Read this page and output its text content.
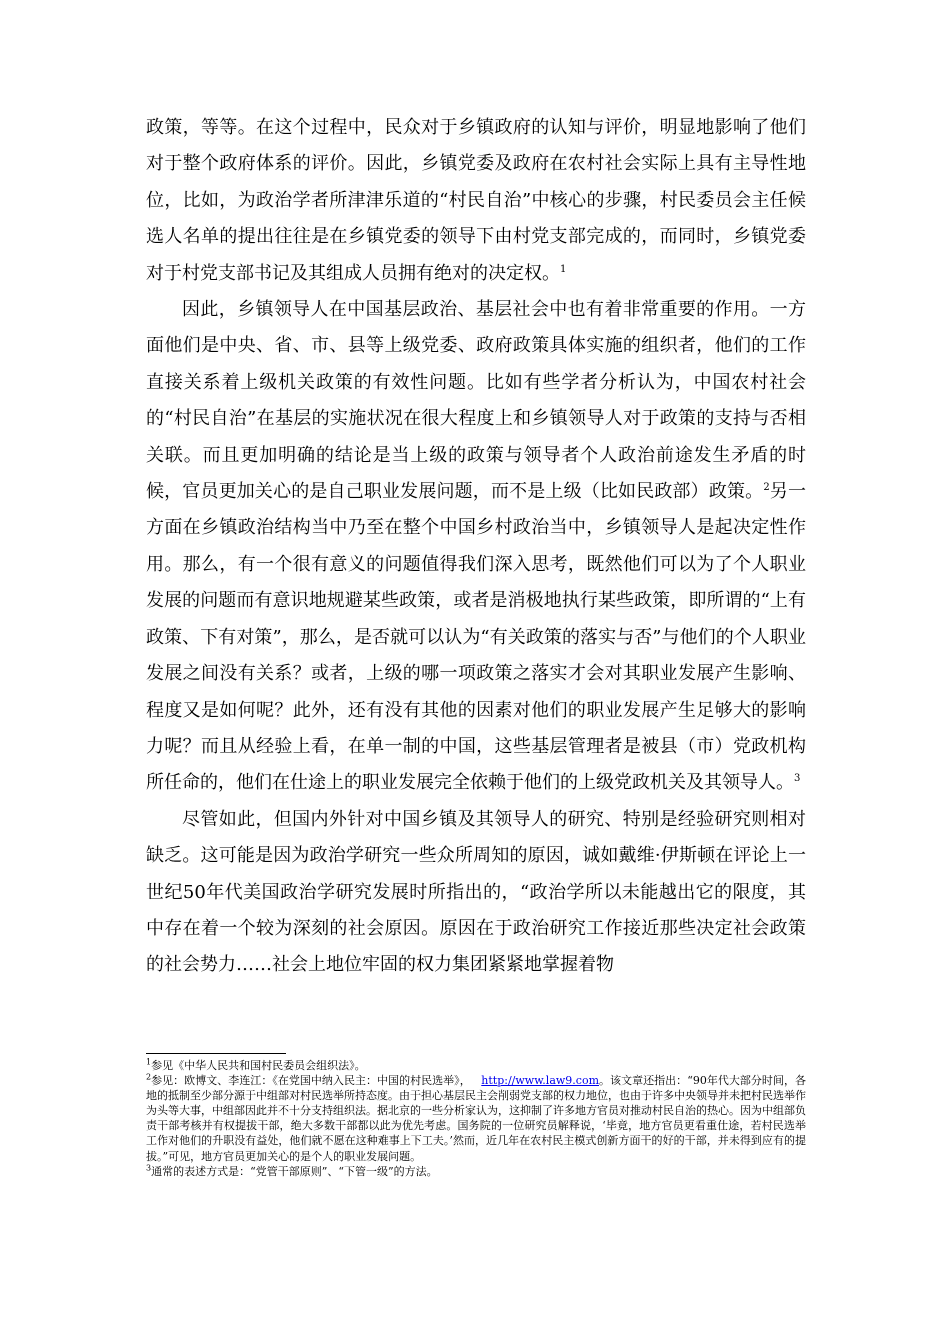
政策，等等。在这个过程中，民众对于乡镇政府的认知与评价，明显地影响了他们对于整个政府体系的评价。因此，乡镇党委及政府在农村社会实际上具有主导性地位，比如，为政治学者所津津乐道的“村民自治”中核心的步骤，村民委员会主任候选人名单的提出往往是在乡镇党委的领导下由村党支部完成的，而同时，乡镇党委对于村党支部书记及其组成人员拥有绝对的决定权。$^1$

因此，乡镇领导人在中国基层政治、基层社会中也有着非常重要的作用。一方面他们是中央、省、市、县等上级党委、政府政策具体实施的组织者，他们的工作直接关系着上级机关政策的有效性问题。比如有些学者分析认为，中国农村社会的“村民自治”在基层的实施状况在很大程度上和乡镇领导人对于政策的支持与否相关联。而且更加明确的结论是当上级的政策与领导者个人政治前途发生矛盾的时候，官员更加关心的是自己职业发展问题，而不是上级（比如民政部）政策。$^2$另一方面在乡镇政治结构当中乃至在整个中国乡村政治当中，乡镇领导人是起决定性作用。那么，有一个很有意义的问题值得我们深入思考，既然他们可以为了个人职业发展的问题而有意识地规避某些政策，或者是消极地执行某些政策，即所谓的“上有政策、下有对策”，那么，是否就可以认为“有关政策的落实与否”与他们的个人职业发展之间没有关系？或者，上级的哪一项政策之落实才会对其职业发展产生影响、程度又是如何呢？此外，还有没有其他的因素对他们的职业发展产生足够大的影响力呢？而且从经验上看，在单一制的中国，这些基层管理者是被县（市）党政机构所任命的，他们在仕途上的职业发展完全依赖于他们的上级党政机关及其领导人。$^3$

尽管如此，但国内外针对中国乡镇及其领导人的研究、特别是经验研究则相对缺乏。这可能是因为政治学研究一些众所周知的原因，诚如戴维·伊斯顿在评论上一世纪50年代美国政治学研究发展时所指出的，“政治学所以未能越出它的限度，其中存在着一个较为深刻的社会原因。原因在于政治研究工作接近那些决定社会政策的社会势力……社会上地位牢固的权力集团紧紧地掌握着物

$^1$参见《中华人民共和国村民委员会组织法》。

$^2$参见：欧博文、李连江：《在党国中纳入民主：中国的村民选举》， http://www.law9.com。该文章还指出：“90年代大部分时间，各地的抵制至少部分源于中组部对村民选举所持态度。由于担心基层民主会削弱党支部的权力地位，也由于许多中央领导并未把村民选举作为头等大事，中组部因此并不十分支持组织法。据北京的一些分析家认为，这抑制了许多地方官员对推动村民自治的热心。因为中组部负责干部考核并有权提拔干部，绝大多数干部都以此为优先考虑。国务院的一位研究员解释说，‘毕竟，地方官员更看重仕途，若村民选举工作对他们的升职没有益处，他们就不愿在这种难事上下工夫。’然而，近几年在农村民主模式创新方面干的好的干部，并未得到应有的提拔。”可见，地方官员更加关心的是个人的职业发展问题。

$^3$通常的表述方式是：“党管干部原则”、“下管一级”的方法。
